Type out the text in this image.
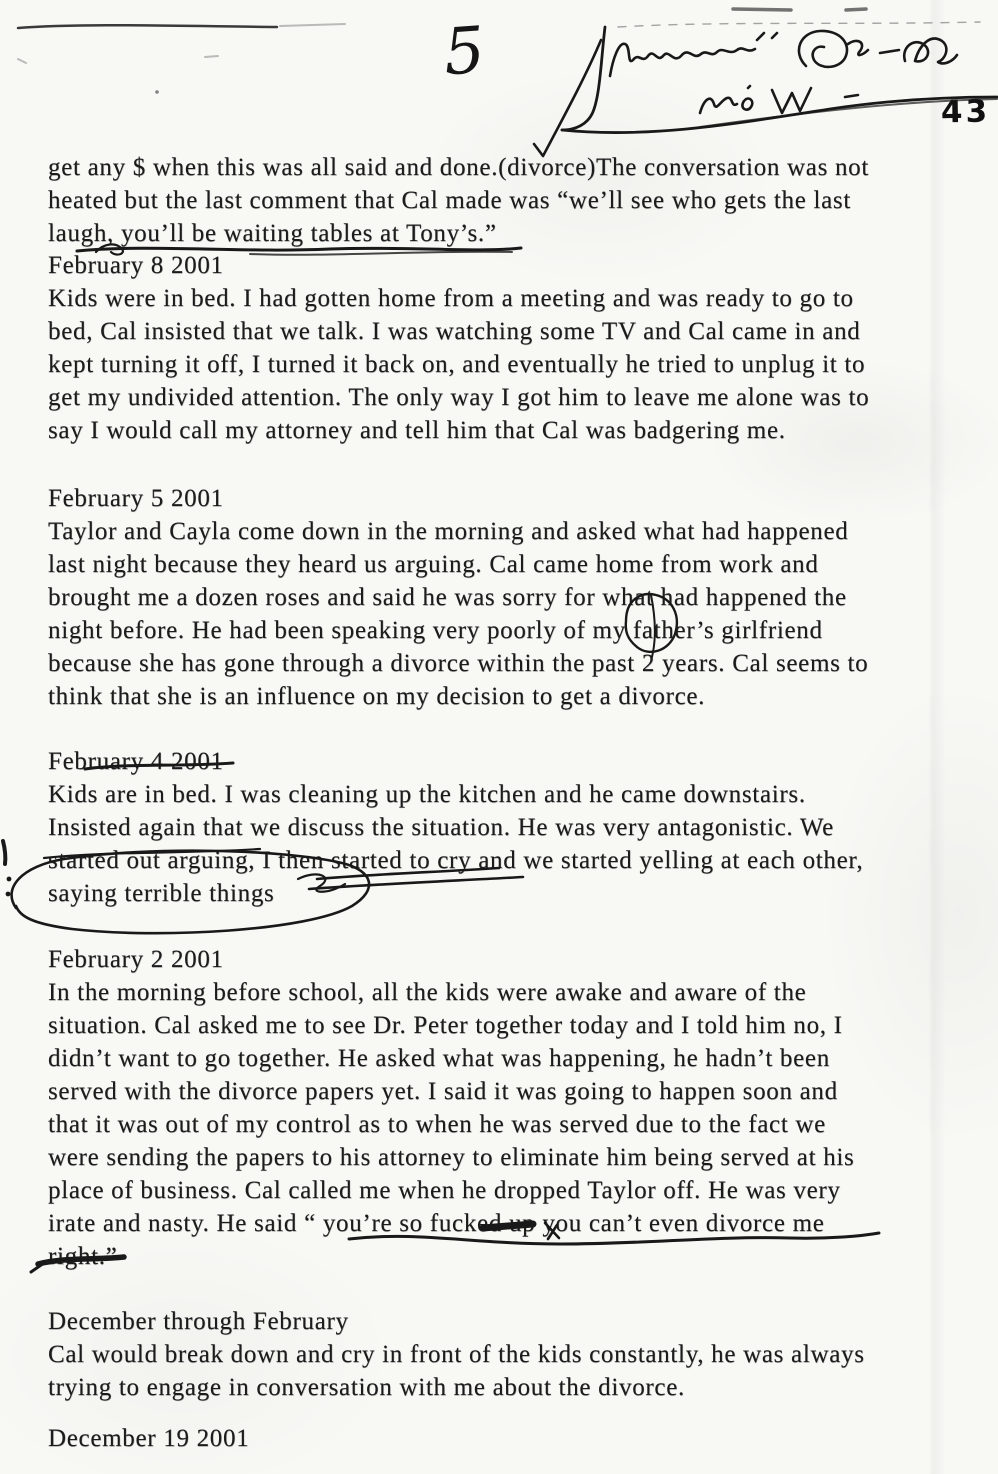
5
43
get any $ when this was all said and done.(divorce)The conversation was not
heated but the last comment that Cal made was “we’ll see who gets the last
laugh, you’ll be waiting tables at Tony’s.”
February 8 2001
Kids were in bed. I had gotten home from a meeting and was ready to go to
bed, Cal insisted that we talk. I was watching some TV and Cal came in and
kept turning it off, I turned it back on, and eventually he tried to unplug it to
get my undivided attention. The only way I got him to leave me alone was to
say I would call my attorney and tell him that Cal was badgering me.
February 5 2001
Taylor and Cayla come down in the morning and asked what had happened
last night because they heard us arguing. Cal came home from work and
brought me a dozen roses and said he was sorry for what had happened the
night before. He had been speaking very poorly of my father’s girlfriend
because she has gone through a divorce within the past 2 years. Cal seems to
think that she is an influence on my decision to get a divorce.
February 4 2001
Kids are in bed. I was cleaning up the kitchen and he came downstairs.
Insisted again that we discuss the situation. He was very antagonistic. We
started out arguing, I then started to cry and we started yelling at each other,
saying terrible things
February 2 2001
In the morning before school, all the kids were awake and aware of the
situation. Cal asked me to see Dr. Peter together today and I told him no, I
didn’t want to go together. He asked what was happening, he hadn’t been
served with the divorce papers yet. I said it was going to happen soon and
that it was out of my control as to when he was served due to the fact we
were sending the papers to his attorney to eliminate him being served at his
place of business. Cal called me when he dropped Taylor off. He was very
irate and nasty. He said “ you’re so fucked up you can’t even divorce me
right.”
December through February
Cal would break down and cry in front of the kids constantly, he was always
trying to engage in conversation with me about the divorce.
December 19 2001
